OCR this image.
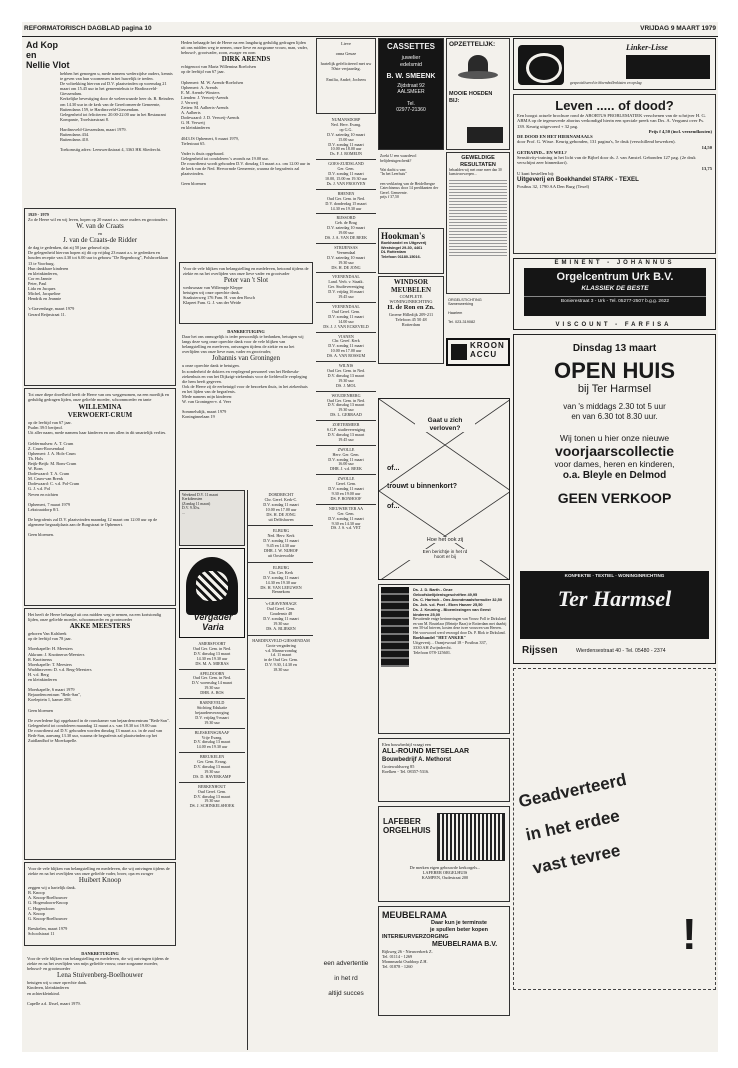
REFORMATORISCH DAGBLAD pagina 10	VRIJDAG 9 MAART 1979
Ad Kop
en
Nellie Vlot
hebben het genoegen u, mede namens wederzijdse ouders, kennis te geven van hun voornemen in het huwelijk te treden.
De voltrekking hiervan zal D.V. plaatsvinden op woensdag 21 maart om 15.45 uur in het gemeentehuis te Hardinxveld-Giessendam.
Kerkelijke bevestiging door de weleerwaarde heer ds. B. Reinders om 14.30 uur in de kerk van de Gereformeerde Gemeente, Buitendams 159, te Hardinxveld-Giessendam.
Gelegenheid tot feliciteren: 20.00-22.00 uur in het Restaurant Kompanie, Troelstrastraat 8.

Hardinxveld-Giessendam, maart 1979.
Buitendams 434.
Buitendams 410.

Toekomstig adres: Leeuwerikstraat 4, 3363 HK Sliedrecht.
1929 - 1979
Zo de Heere wil en wij leven, hopen op 20 maart a.s. onze ouders en grootouders
W. van de Craats
en
J. van de Craats-de Ridder
de dag te gedenken, dat zij 50 jaar gehuwd zijn.
De gelegenheid hiervan hopen zij dit op vrijdag 23 maart a.s. te gedenken en houden receptie van 4.30 tot 6.00 uur in gebouw "De Regenboog", Polsbroeklaan 13 te Voorburg.
Hun dankbare kinderen
en kleinkinderen,
Cor en Jannie
Peter, Paul
Lida en Jacques
Michel, Jacqueline
Hendrik en Jeannie

's-Gravenhage, maart 1979
Gerard Reijnstraat 11.
Tot onze diepe droefheid heeft de Heere van ons weggenomen, na een moeilijk en geduldig gedragen lijden, onze geliefde moeder, schoonmoeder en tante
WILLEMINA
VERWOERT-CRUM
op de leeftijd van 67 jaar.
Psalm 39:5 berijmd.
Uit aller naam, mede namens haar kinderen en ons allen in dit smartelijk verlies.

Geldermalsen: A. T. Crum
Z. Crum-Roosendaal
Ophemert: J. A. Hols-Crum
Th. Hols
Beijk-Beijk: M. Bons-Crum
W. Bons
Dodewaard: T. A. Crum
M. Crum-van Brenk
Dodewaard: C. v.d. Pol-Crum
G. J. v.d. Pol
Neven en nichten

Ophemert, 7 maart 1979
Lekstraatdorp 8/1.

De begrafenis zal D.V. plaatsvinden maandag 12 maart om 12.00 uur op de algemene begraafplaats aan de Burgstraat te Ophemert.

Geen bloemen.
Het heeft de Heere behaagd uit ons midden weg te nemen, na een kortstondig lijden, onze geliefde moeder, schoonmoeder en grootmoeder
AKKE MEESTERS
geboren Van Kalsbeek
op de leeftijd van 78 jaar.

Moerkapelle: H. Meesters
Akkrum: J. Knottnerus-Meesters
R. Knottnerus
Moerkapelle: T. Meesters
Waddinxveen: D. v.d. Berg-Meesters
H. v.d. Berg
en kleinkinderen

Moerkapelle, 6 maart 1979
Bejaardencentrum "Beth-San",
Koelepiein 1, kamer 208.

Geen bloemen

De overledene ligt opgebaard in de rouwkamer van bejaardencentrum "Beth-San".
Gelegenheid tot condoleren maandag 12 maart a.s. van 18.30 tot 19.00 uur.
De rouwdienst zal D.V. gehouden worden dinsdag 13 maart a.s. in de zaal van Beth-San, aanvang 13.30 uur, waarna de begrafenis zal plaatsvinden op het Zuidlandhof te Moerkapelle.
Voor de vele blijken van belangstelling en medeleven, die wij ontvingen tijdens de ziekte en na het overlijden van onze geliefde vader, broer, opa en zwager
Huibert Knoop
zeggen wij u hartelijk dank.
B. Knoop
A. Knoop-Boelhouwer
G. Hogendoorn-Knoop
C. Hogendoorn
A. Knoop
G. Knoop-Boelhouwer

Breukelen, maart 1979
Schoolstraat 11
DANKBETUIGING
Voor de vele blijken van belangstelling en medeleven, die wij ontvingen tijdens de ziekte en na het overlijden van mijn geliefde vrouw, onze zorgzame moeder, behuwd- en grootmoeder
Lena Stuivenberg-Boelhouwer
betuigen wij u onze oprechte dank.
Kinderen, kleinkinderen
en achterkleinkind.

Capelle a.d. IJssel, maart 1979.
Heden behaagde het de Heere na een langdurig geduldig gedragen lijden uit ons midden weg te nemen, onze lieve en zorgzame vrouw, man, vader, behuwd-, grootvader, zoon, zwager en oom
DIRK ARENDS
echtgenoot van Maria Willemina Roelofsen
op de leeftijd van 67 jaar.

Ophemert: M. W. Arends-Roelofsen
Ophemert: A. Arends
E. M. Arends-Wouters
Lienden: J. Verweij-Arends
J. Verweij
Zetten: M. Aalberts-Arends
A. Aalberts
Dodewaard: J. D. Verweij-Arends
G. H. Verweij
en kleinkinderen

4043 JS Ophemert, 6 maart 1979,
Tielestraat 65.

Vader is thuis opgebaard.
Gelegenheid tot condoleren 's avonds na 19.00 uur.
De rouwdienst wordt gehouden D.V. dinsdag 13 maart a.s. om 12.00 uur in de kerk van de Ned. Hervormde Gemeente, waarna de begrafenis zal plaatsvinden.

Geen bloemen
Voor de vele blijken van belangstelling en medeleven, betoond tijdens de ziekte en na het overlijden van onze lieve vader en grootvader
Peter van 't Slot
weduwnaar van Willempje Kleppe
betuigen wij onze oprechte dank.
Staaksterweg 176 Fam. H. van den Bosch
Klapeet Fam. G. J. van der Weide
DANKBETUIGING
Daar het ons onmogelijk is ieder persoonlijk te bedanken, betuigen wij langs deze weg onze oprechte dank voor de vele blijken van belangstelling en meeleven, ontvangen tijdens de ziekte en na het overlijden van onze lieve man, vader en grootvader,
Johannis van Groningen
u onze oprechte dank te betuigen.
In zonderheid de dokters en verplegend personeel van het Bethesda-ziekenhuis en van het Dijkzigt-ziekenhuis voor de liefdevolle verpleging die hem heeft gegeven.
Ook de Heere zij de eerbetuigd voor de bezoeken thuis, in het ziekenhuis en het lijden van de begrafenis.
Mede namens mijn kinderen:
W. van Groningen-v. d. Veer

Sommelsdijk, maart 1979
Koninginnelaan 19
Weekend D.V. 11 maart
Kerkdiensten
(Zondag 11 maart)
D.V. 9.30 u.
...
Vergader
Varia
AMERSFOORT
Oud Ger. Gem. in Ned.
D.V. dinsdag 13 maart
14.30 en 19.30 uur
DS. M. A. MIERAS
APELDOORN
Oud Ger. Gem. in Ned.
D.V. woensdag 14 maart
19.30 uur
DHR. A. BOS
BARNEVELD
Stichting Edukatie
bejaardenverzorging
D.V. vrijdag 9 maart
19.30 uur
BLESKENSGRAAF
Vrije Evang.
D.V. dinsdag 13 maart
14.00 en 19.30 uur
BREUKELEN
Ger. Gem. Evang.
D.V. dinsdag 13 maart
19.30 uur
DS. D. HAVERKAMP
BERKENHOUT
Oud Geref. Gem.
D.V. dinsdag 13 maart
19.30 uur
DS. J. SCHINKELSHOEK
DORDRECHT
Chr. Geref. Kerk-C.
D.V. zondag 11 maart
10.00 en 17.00 uur
DS. H. DE JONG
uit Delftshaven
ELBURG
Ned. Herv. Kerk
D.V. zondag 11 maart
9.45 en 14.30 uur
DHR. J. W. NIJHOF
uit Oosterwolde
ELBURG
Chr. Ger. Kerk
D.V. zondag 11 maart
14.30 en 19.30 uur
DS. H. VAN LEEUWEN
Bennekom
's-GRAVENHAGE
Oud Geref. Gem.
Goudenstr 48
D.V. zondag 11 maart
19.30 uur
DS. A. BLIEKEN
HARDINXVELD-GIESSENDAM
Grote vergadering
v.d. Manna-zondag
f.d. 11 maart
in de Oud Ger. Gem.
D.V. 9.30, 14.30 en
18.30 uur
Lieve

onna Geuze

hartelijk gefeliciteerd met uw 50ste verjaardag.

Emilia, André, Jochem
NUMANSDORP
Ned. Herv. Evang.
op G.G.
D.V. zaterdag 10 maart
15.00 uur
D.V. zondag 11 maart
10.00 en 18.00 uur
Ds. F. J. ROMEIJN
GOES-ZUIDSLAND
Ger. Gem.
D.V. zondag 11 maart
10.00, 15.00 en 19.30 uur
Ds. J. VAN FROOYEN
RHENEN
Oud Ger. Gem. in Ned.
D.V. donderdag 15 maart
14.30 en 19.30 uur
RIJSSORD
Geb. de Brug
D.V. zaterdag 10 maart
19.00 uur
DS. J. A. VAN DE BEEK
STRIJENSAS
Veenendaal
D.V. zaterdag 10 maart
19.30 uur
DS. H. DE JONG
VEENENDAAL
Land. Verb. v. Staatk.
Ger. Studievereniging
D.V. vrijdag 16 maart
19.45 uur
VEENENDAAL
Oud Geref. Gem.
D.V. zondag 11 maart
14.00 uur
DS. J. J. VAN ECKEVELD
VIANEN
Chr. Geref. Kerk
D.V. zondag 11 maart
10.00 en 17.00 uur
DS. A. VAN ROSSUM
WILNIS
Oud Ger. Gem. in Ned.
D.V. dinsdag 13 maart
19.30 uur
DS. J. MOL
WOUDENBERG
Oud Ger. Gem. in Ned.
D.V. dinsdag 13 maart
19.30 uur
DS. L. GERRAAD
ZOETERMEER
S.G.P. studievereniging
D.V. dinsdag 13 maart
19.45 uur
ZWOLLE
Herv. Ger. Gem.
D.V. zondag 11 maart
16.00 uur
DHR. J. v.d. BEEK
ZWOLLE
Geref. Gem.
D.V. zondag 11 maart
9.30 en 19.00 uur
DS. P. BONHOOF
NIEUWER TER AA
Ger. Gem.
D.V. zondag 11 maart
9.30 en 14.30 uur
DS. J. S. v.d. VET
een advertentie

in het rd

altijd succes
CASSETTES
juwelier
edelsmid
B. W. SMEENK
Zijdstraat 92
AALSMEER

Tel.
02977-21360
Zoekt U een waardevol belijdenisgeschenk?

Wat dacht u van:
"In het Leerhuis"

een verklaring van de Heidelbergse Catechismus door 14 predikanten der Geref. Gemeente.
prijs f 37,50
Hookman's
Boekhandel en Uitgeverij
Westsingel 29-30, 4461
DL Rotterdam
Telefoon 01180-15016.
WINDSOR
MEUBELEN
COMPLETE
WONINGINRICHTING
H. de Ron en Zn.
Groene Hilledijk 209-211
Telefoon 45 50 48
Rotterdam
OPZETTELIJK:
MOOIE HOEDEN
BIJ:
GEWELDIGE
RESULTATEN
behaalden wij met onze meer dan 30 kunstvoorwerpen...
ORGELSTICHTING
Samenwerking

Haarlem

Tel. 023-319082
KROON
ACCU
Gaat u zich
verloven?
of...
trouwt u binnenkort?
of...
Hoe het ook zij
Een berichtje in het rd
hoort er bij
Ds. J. D. Barth - Onze Geloofsbelijdenisgeschriften 49,95
Ds. C. Harinck - Ons Avondmaalsformulier 32,50
Ds. Joh. v.d. Poel - Eben Haezer 25,50
Ds. J. Keuning - Bloemlezingen van Geest kinderen 25,00
Bevattende enige herinneringen van Vrouw Poll te Dirksland en van M. Boutelaar (Meintje Baas) te Rotterdam met daarbij een 50-tal brieven, kosten deze twee vrouwen van Heeren. Het voorwoord werd verzorgd door Ds. P. Blok te Dirksland.
Boekhandel "HET ANKER"
Uitgeverij... Oranjewoud 18 - Postbus 337,
3330 AH Zwijndrecht.
Telefoon 078-125601.
Elen bouwbedrijf vraagt een
ALL-ROUND METSELAAR
Bouwbedrijf A. Methorst
Grotewaldsweg 85
Roelken - Tel. 08357-5316.
LAFEBER
ORGELHUIS
De merken eigen gebouwde kerkorgels...
LAFEBER ORGELHUIS
KAMPEN, Oudestraat 200
MEUBELRAMA
Daar kun je terminste
je spullen beter kopen
INTERIEURVERZORGING
MEUBELRAMA B.V.
Rijkweg 26 - Nieuwerkerk Z.
Tel. 01114 - 1269
Monnmarkt Ouddorp Z.H.
Tel. 01878 - 1260
Linker-Lisse
gespecialiseerd in bloembollenkisten en opslag
Leven ..... of dood?
Een hoogst actuele brochure rond de ABORTUS PROBLEMATIEK verschenen van de schrijver H. G. ABMA op de tegenoverde abortus verkondigd hierin een speciale preek van Drs. A. Vergunst over Ps. 139. Keurig uitgevoerd + 32 pag.
Prijs f 4,50 (incl. verzendkosten)
DE DOOD EN HET HIERNAMAALS
door Prof. G. Wisse. Keurig gebonden, 131 pagina's, 5e druk (verschillend bewerken).
14,50
GETRAIND... EN WEL?
Sensitivity-training in het licht van de Bijbel door ds. J. van Amstel. Gebonden 127 pag. (2e druk verschijnt zeer binnenkort).
13,75
U kunt bestellen bij:
Uitgeverij en Boekhandel STARK - TEXEL
Postbus 32, 1790 AA Den Burg (Texel)
EMINENT - JOHANNUS
Orgelcentrum Urk B.V.
KLASSIEK DE BESTE
Bonierestraat 3 - Urk - Tel. 05277-2507 b.g.g. 2622
VISCOUNT - FARFISA
Dinsdag 13 maart
OPEN HUIS
bij Ter Harmsel
van 's middags 2.30 tot 5 uur
en van 6.30 tot 8.30 uur.
Wij tonen u hier onze nieuwe
voorjaarscollectie
voor dames, heren en kinderen,
o.a. Bleyle en Delmod
GEEN VERKOOP
KONFEKTIE · TEXTIEL · WONINGINRICHTING
Ter Harmsel
Rijssen	Wierdensestraat 40 - Tel. 05480 - 2374
Geadverteerd
in het erdee
vast tevree
!
